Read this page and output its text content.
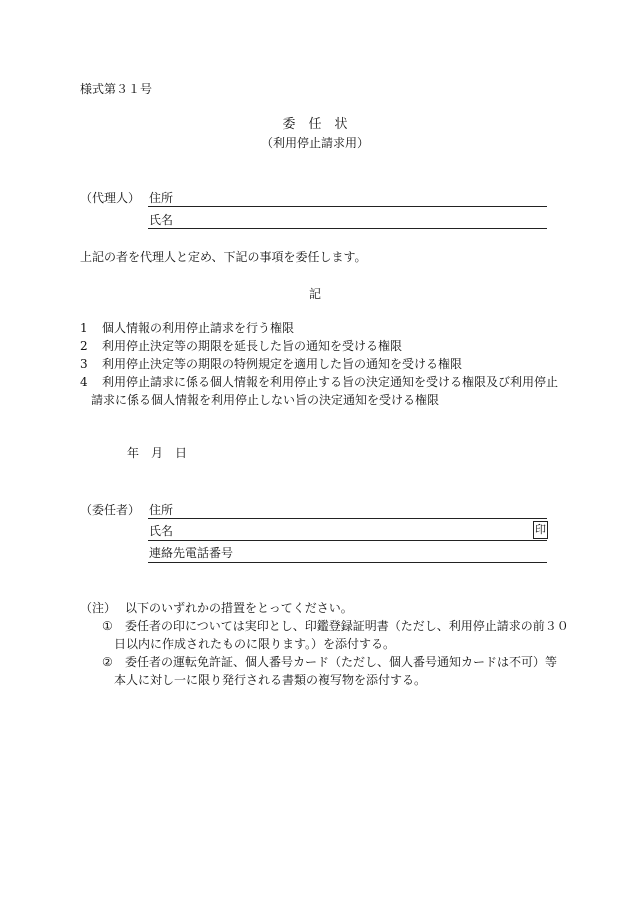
様式第３１号
委　任　状
（利用停止請求用）
（代理人） 住所
氏名
上記の者を代理人と定め、下記の事項を委任します。
記
1 個人情報の利用停止請求を行う権限
2 利用停止決定等の期限を延長した旨の通知を受ける権限
3 利用停止決定等の期限の特例規定を適用した旨の通知を受ける権限
4 利用停止請求に係る個人情報を利用停止する旨の決定通知を受ける権限及び利用停止
請求に係る個人情報を利用停止しない旨の決定通知を受ける権限
年　月　日
（委任者） 住所
氏名	印
連絡先電話番号
（注） 以下のいずれかの措置をとってください。
① 委任者の印については実印とし、印鑑登録証明書（ただし、利用停止請求の前３０
日以内に作成されたものに限ります。）を添付する。
② 委任者の運転免許証、個人番号カード（ただし、個人番号通知カードは不可）等
本人に対し一に限り発行される書類の複写物を添付する。
